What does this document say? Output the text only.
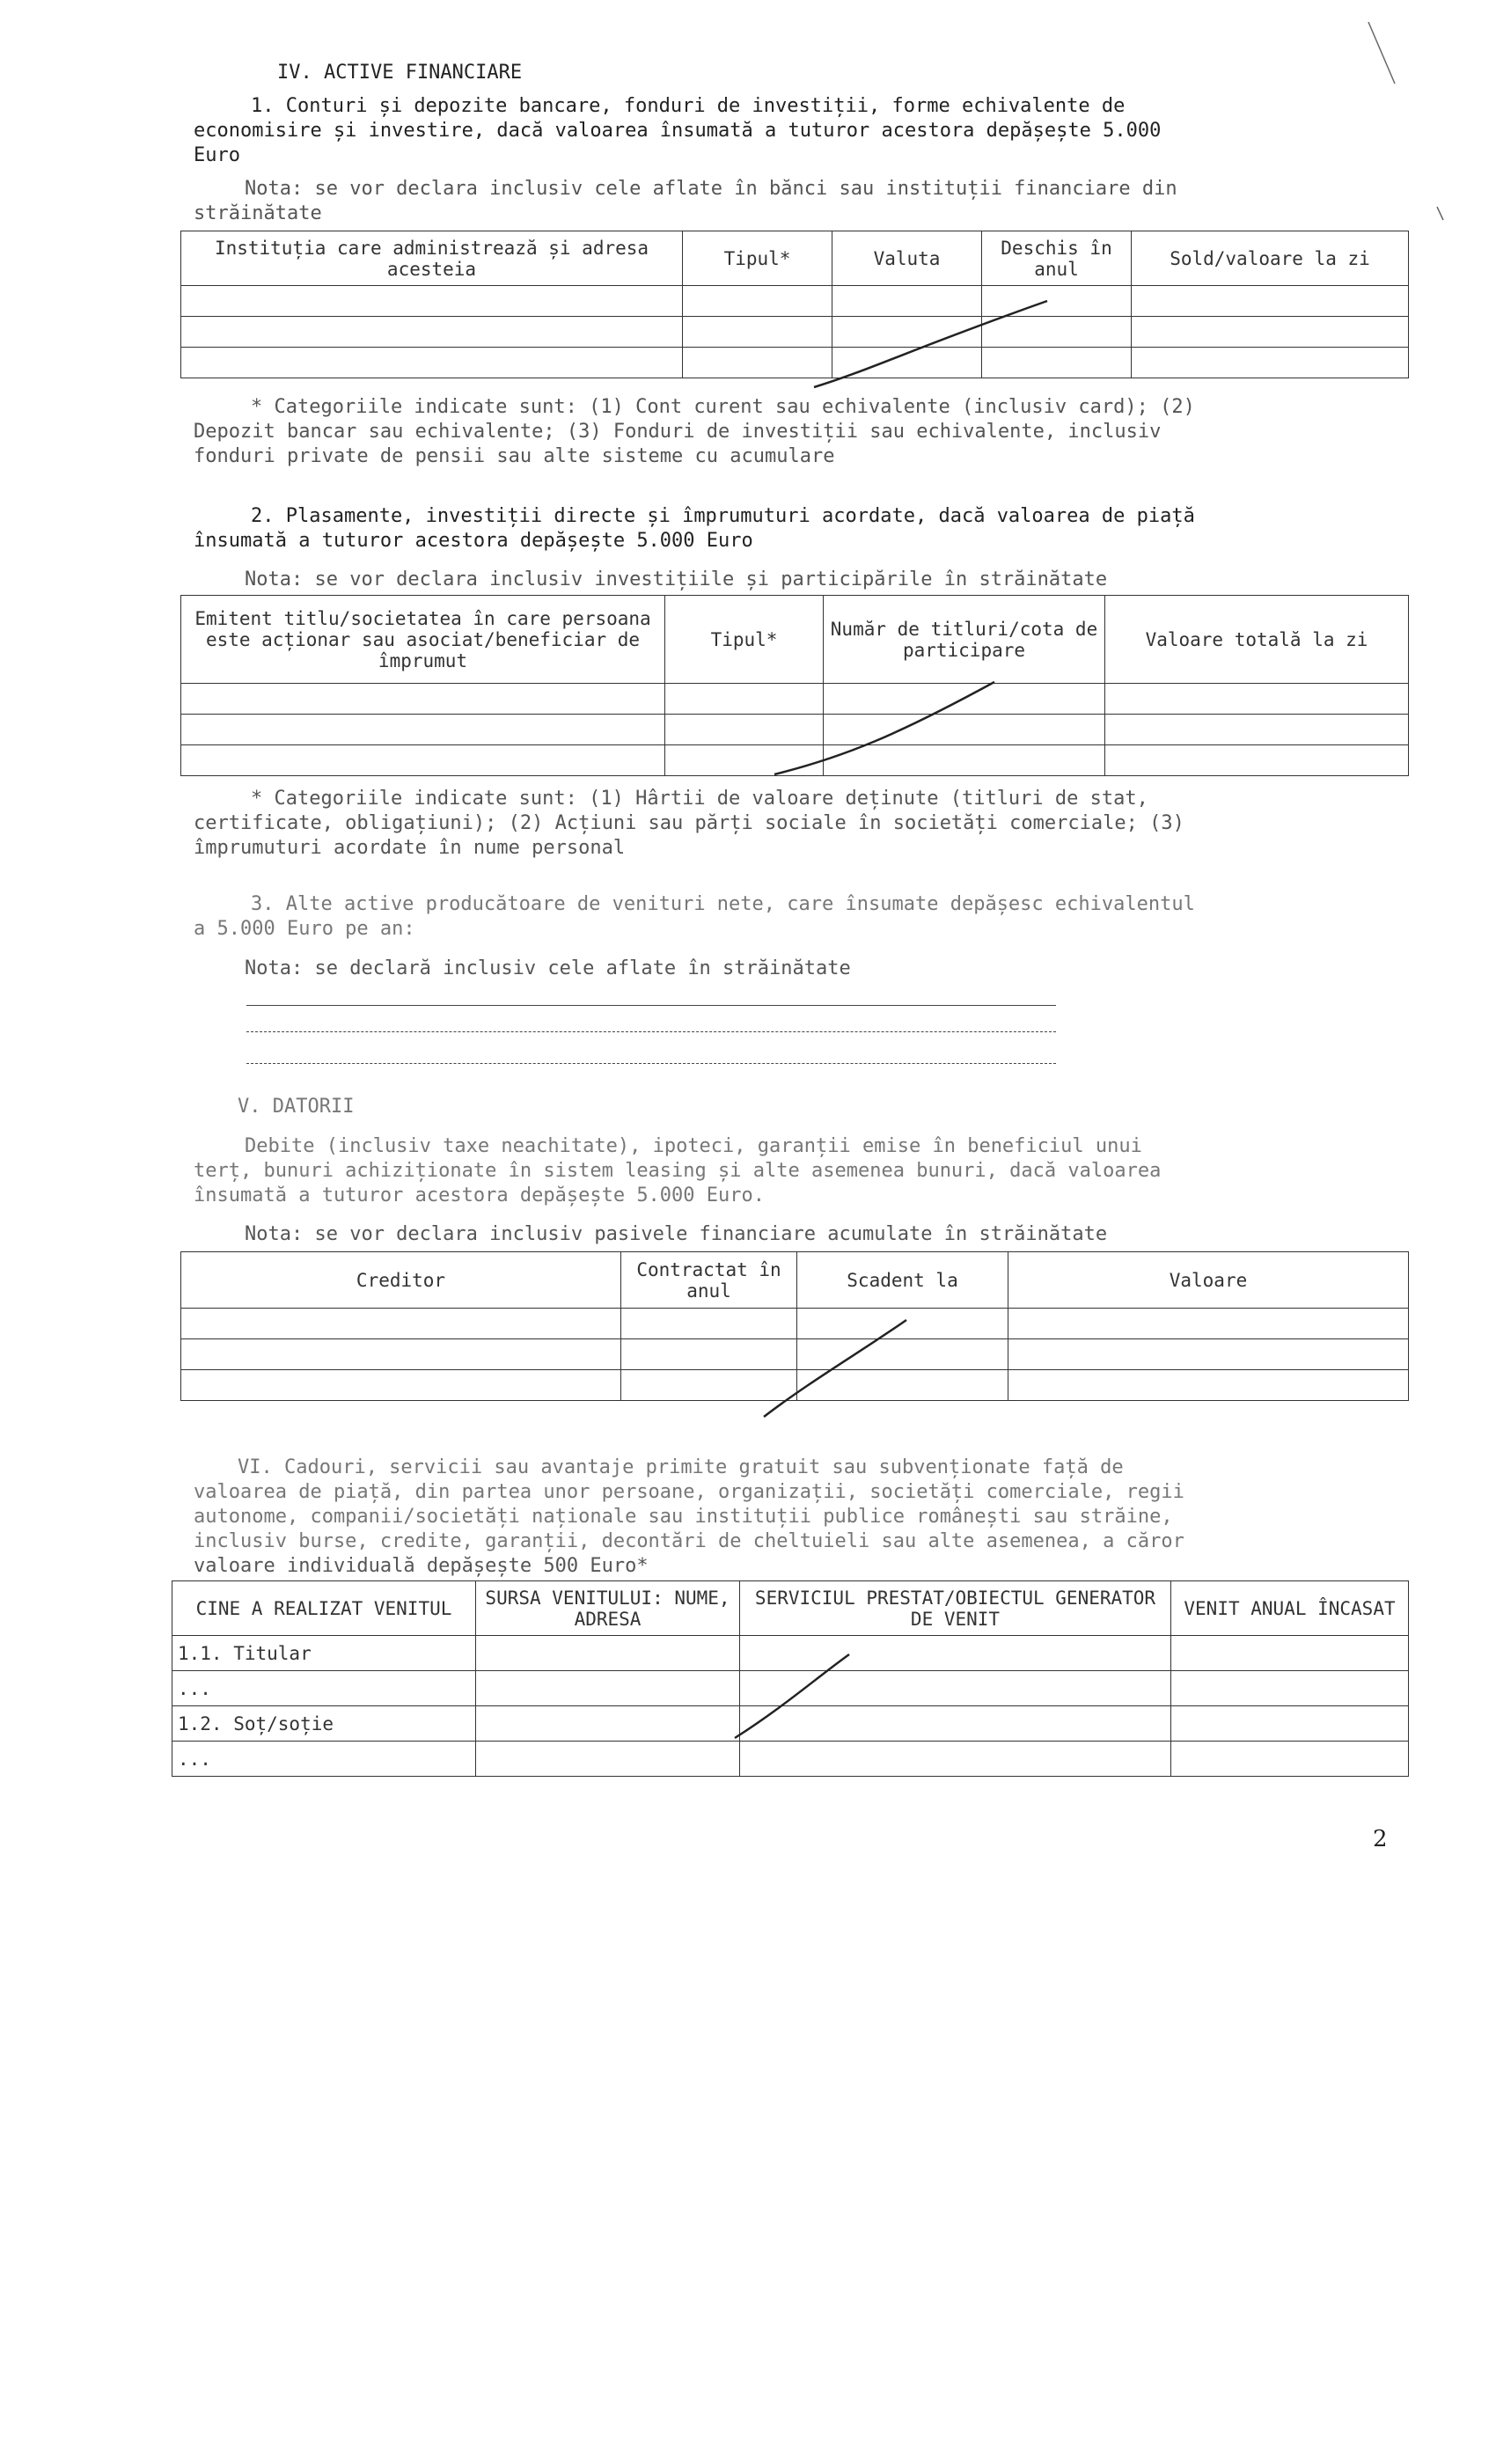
IV. ACTIVE FINANCIARE
1. Conturi și depozite bancare, fonduri de investiții, forme echivalente de
economisire și investire, dacă valoarea însumată a tuturor acestora depășește 5.000
Euro
Nota: se vor declara inclusiv cele aflate în bănci sau instituții financiare din
străinătate
Instituția care administrează și adresa acesteia	Tipul*	Valuta	Deschis în anul	Sold/valoare la zi

* Categoriile indicate sunt: (1) Cont curent sau echivalente (inclusiv card); (2)
Depozit bancar sau echivalente; (3) Fonduri de investiții sau echivalente, inclusiv
fonduri private de pensii sau alte sisteme cu acumulare
2. Plasamente, investiții directe și împrumuturi acordate, dacă valoarea de piață
însumată a tuturor acestora depășește 5.000 Euro
Nota: se vor declara inclusiv investițiile și participările în străinătate
Emitent titlu/societatea în care persoana este acționar sau asociat/beneficiar de împrumut	Tipul*	Număr de titluri/cota de participare	Valoare totală la zi

* Categoriile indicate sunt: (1) Hârtii de valoare deținute (titluri de stat,
certificate, obligațiuni); (2) Acțiuni sau părți sociale în societăți comerciale; (3)
împrumuturi acordate în nume personal
3. Alte active producătoare de venituri nete, care însumate depășesc echivalentul
a 5.000 Euro pe an:
Nota: se declară inclusiv cele aflate în străinătate
V. DATORII
Debite (inclusiv taxe neachitate), ipoteci, garanții emise în beneficiul unui
terț, bunuri achiziționate în sistem leasing și alte asemenea bunuri, dacă valoarea
însumată a tuturor acestora depășește 5.000 Euro.
Nota: se vor declara inclusiv pasivele financiare acumulate în străinătate
Creditor	Contractat în anul	Scadent la	Valoare

VI. Cadouri, servicii sau avantaje primite gratuit sau subvenționate față de
valoarea de piață, din partea unor persoane, organizații, societăți comerciale, regii
autonome, companii/societăți naționale sau instituții publice românești sau străine,
inclusiv burse, credite, garanții, decontări de cheltuieli sau alte asemenea, a căror
valoare individuală depășește 500 Euro*
CINE A REALIZAT VENITUL	SURSA VENITULUI: NUME, ADRESA	SERVICIUL PRESTAT/OBIECTUL GENERATOR DE VENIT	VENIT ANUAL ÎNCASAT
1.1. Titular			
...			
1.2. Soț/soție			
...			
2
